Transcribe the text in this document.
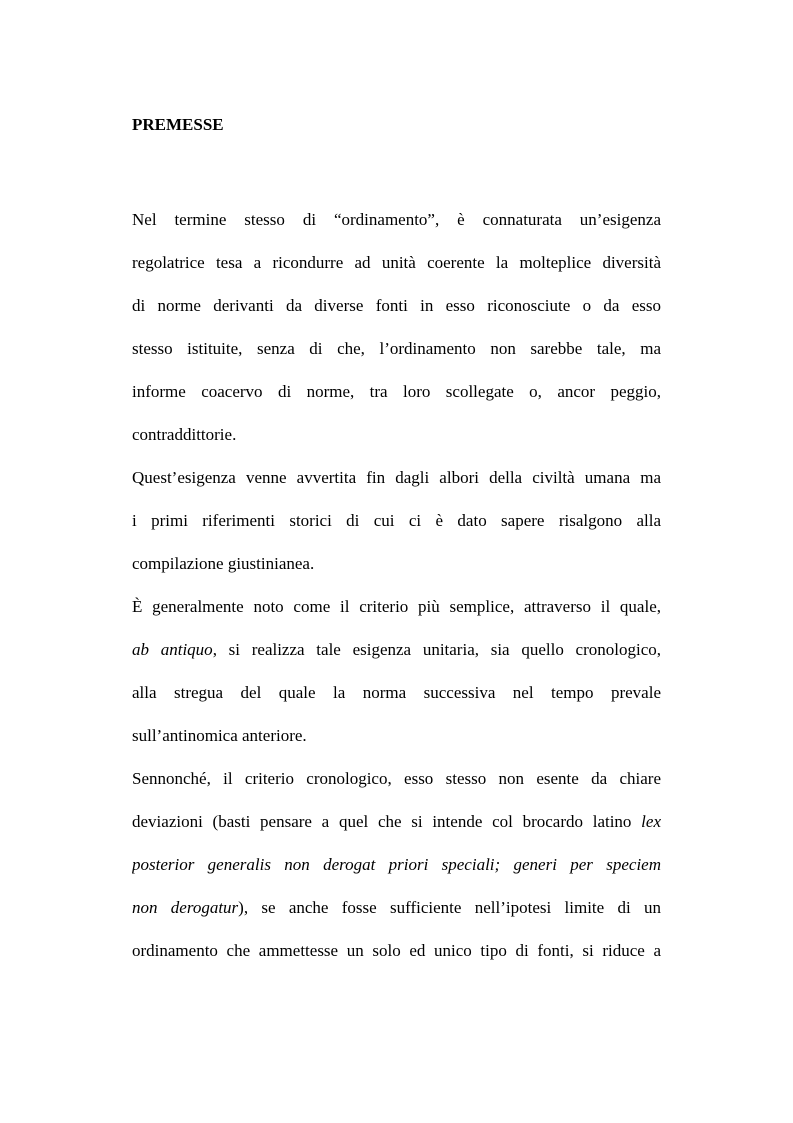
PREMESSE
Nel termine stesso di “ordinamento”, è connaturata un’esigenza
regolatrice tesa a ricondurre ad unità coerente la molteplice diversità
di norme derivanti da diverse fonti in esso riconosciute o da esso
stesso istituite, senza di che, l’ordinamento non sarebbe tale, ma
informe coacervo di norme, tra loro scollegate o, ancor peggio,
contraddittorie.
Quest’esigenza venne avvertita fin dagli albori della civiltà umana ma
i primi riferimenti storici di cui ci è dato sapere risalgono alla
compilazione giustinianea.
È generalmente noto come il criterio più semplice, attraverso il quale,
ab antiquo, si realizza tale esigenza unitaria, sia quello cronologico,
alla stregua del quale la norma successiva nel tempo prevale
sull’antinomica anteriore.
Sennonché, il criterio cronologico, esso stesso non esente da chiare
deviazioni (basti pensare a quel che si intende col brocardo latino lex
posterior generalis non derogat priori speciali; generi per speciem
non derogatur), se anche fosse sufficiente nell’ipotesi limite di un
ordinamento che ammettesse un solo ed unico tipo di fonti, si riduce a
